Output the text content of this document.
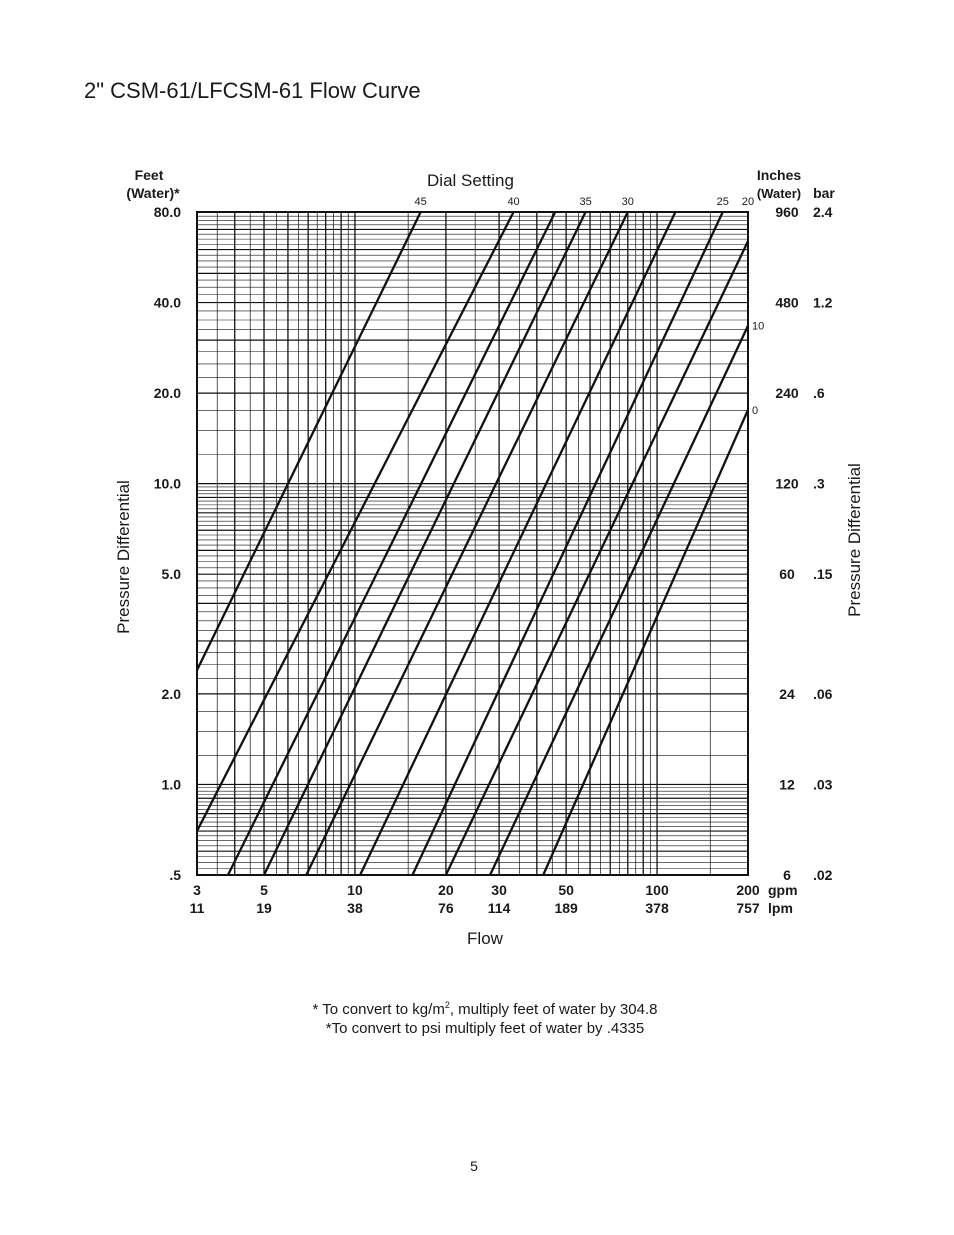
2" CSM-61/LFCSM-61 Flow Curve
45	40	35	30	25 20
10
0
Dial Setting
Feet
(Water)*
80.0	960 2.4
40.0	480 1.2
20.0	240 .6
10.0	120 .3
5.0	60 .15
2.0	24 .06
1.0	12 .03
.5	6 .02
Pressure Differential
Inches
(Water) bar
Pressure Differential
3
11
5
19
10
38
20
76
30
114
50
189
100
378
200
757
gpm
lpm
Flow
* To convert to $kg/m^2$, multiply feet of water by 304.8
*To convert to psi multiply feet of water by .4335
5
